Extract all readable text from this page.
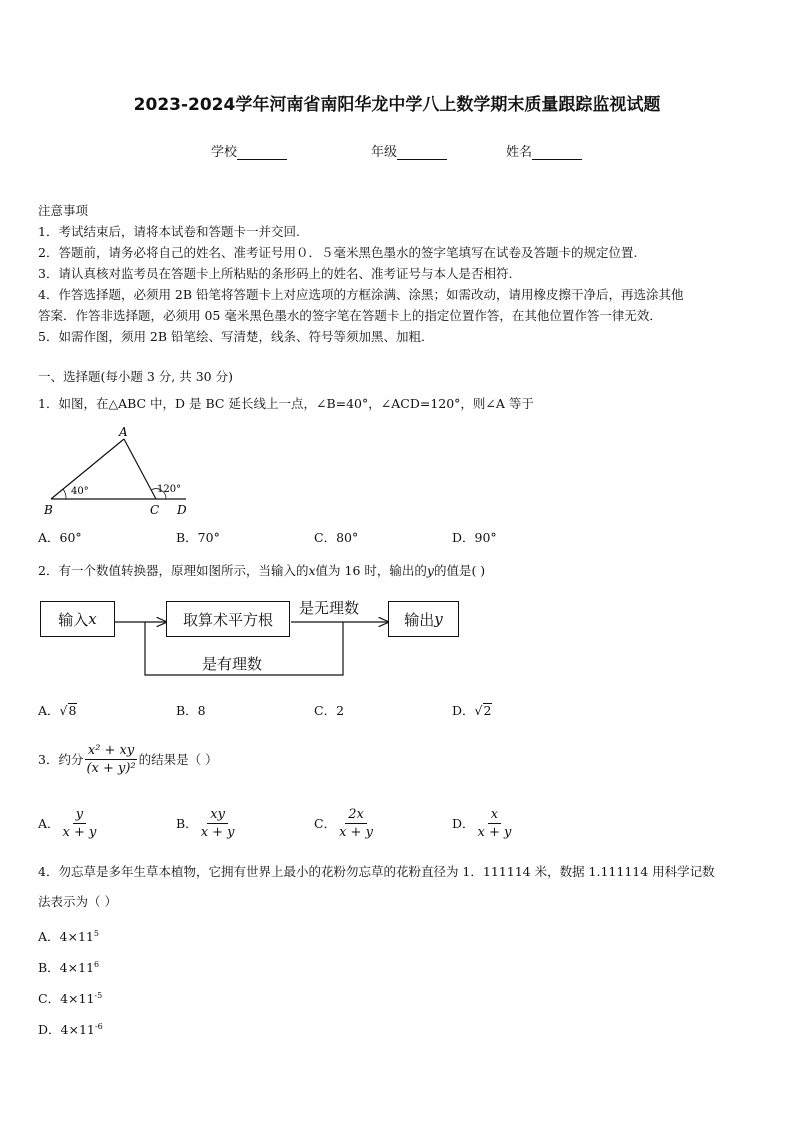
2023-2024学年河南省南阳华龙中学八上数学期末质量跟踪监视试题
学校	年级	姓名
注意事项
1．考试结束后，请将本试卷和答题卡一并交回.
2．答题前，请务必将自己的姓名、准考证号用０．５毫米黑色墨水的签字笔填写在试卷及答题卡的规定位置.
3．请认真核对监考员在答题卡上所粘贴的条形码上的姓名、准考证号与本人是否相符.
4．作答选择题，必须用 2B 铅笔将答题卡上对应选项的方框涂满、涂黑；如需改动，请用橡皮擦干净后，再选涂其他
答案．作答非选择题，必须用 05 毫米黑色墨水的签字笔在答题卡上的指定位置作答，在其他位置作答一律无效．
5．如需作图，须用 2B 铅笔绘、写清楚，线条、符号等须加黑、加粗．
一、选择题(每小题 3 分, 共 30 分)
1．如图，在△ABC 中，D 是 BC 延长线上一点，∠B=40°，∠ACD=120°，则∠A 等于
A
B	C D
40°	120°
A．60°	B．70°	C．80°	D．90°
2．有一个数值转换器，原理如图所示，当输入的x值为 16 时，输出的y的值是( )
输入 x	取算术平方根	输出 y
是无理数
是有理数
A．√8	B．8	C．2	D．√2
3．约分 $\frac{\text{x² + xy}}{\text{(x + y)²}}$ 的结果是（ ）
A． $\frac{y}{x + y}$	B． $\frac{xy}{x + y}$	C． $\frac{2x}{x + y}$	D． $\frac{x}{x + y}$
4．勿忘草是多年生草本植物，它拥有世界上最小的花粉勿忘草的花粉直径为 1．111114 米，数据 1.111114 用科学记数
法表示为（ ）
A．$4\times 11^5$
B．$4\times 11^6$
C．$4\times 11^{-5}$
D．$4\times 11^{-6}$
